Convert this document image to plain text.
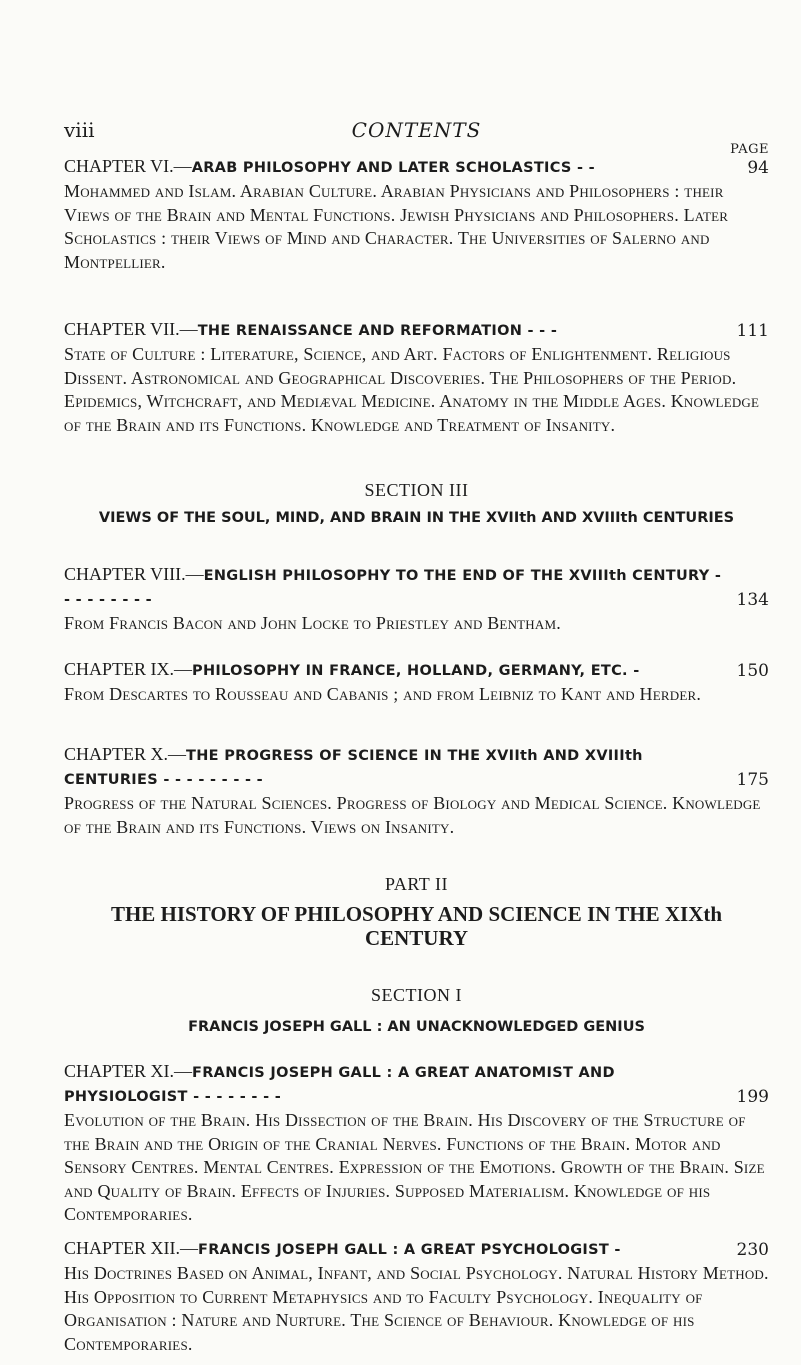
viii	CONTENTS
PAGE
CHAPTER VI.—ARAB PHILOSOPHY AND LATER SCHOLASTICS - -	94
Mohammed and Islam. Arabian Culture. Arabian Physicians and Philosophers : their Views of the Brain and Mental Functions. Jewish Physicians and Philosophers. Later Scholastics : their Views of Mind and Character. The Universities of Salerno and Montpellier.
CHAPTER VII.—THE RENAISSANCE AND REFORMATION - - -	111
State of Culture : Literature, Science, and Art. Factors of Enlightenment. Religious Dissent. Astronomical and Geographical Discoveries. The Philosophers of the Period. Epidemics, Witchcraft, and Mediæval Medicine. Anatomy in the Middle Ages. Knowledge of the Brain and its Functions. Knowledge and Treatment of Insanity.
SECTION III
VIEWS OF THE SOUL, MIND, AND BRAIN IN THE XVIIth AND XVIIIth CENTURIES
CHAPTER VIII.—ENGLISH PHILOSOPHY TO THE END OF THE XVIIIth CENTURY - - - - - - - - -	134
From Francis Bacon and John Locke to Priestley and Bentham.
CHAPTER IX.—PHILOSOPHY IN FRANCE, HOLLAND, GERMANY, ETC. -	150
From Descartes to Rousseau and Cabanis ; and from Leibniz to Kant and Herder.
CHAPTER X.—THE PROGRESS OF SCIENCE IN THE XVIIth AND XVIIIth CENTURIES - - - - - - - - -	175
Progress of the Natural Sciences. Progress of Biology and Medical Science. Knowledge of the Brain and its Functions. Views on Insanity.
PART II
THE HISTORY OF PHILOSOPHY AND SCIENCE IN THE XIXth CENTURY
SECTION I
FRANCIS JOSEPH GALL : AN UNACKNOWLEDGED GENIUS
CHAPTER XI.—FRANCIS JOSEPH GALL : A GREAT ANATOMIST AND PHYSIOLOGIST - - - - - - - -	199
Evolution of the Brain. His Dissection of the Brain. His Discovery of the Structure of the Brain and the Origin of the Cranial Nerves. Functions of the Brain. Motor and Sensory Centres. Mental Centres. Expression of the Emotions. Growth of the Brain. Size and Quality of Brain. Effects of Injuries. Supposed Materialism. Knowledge of his Contemporaries.
CHAPTER XII.—FRANCIS JOSEPH GALL : A GREAT PSYCHOLOGIST -	230
His Doctrines Based on Animal, Infant, and Social Psychology. Natural History Method. His Opposition to Current Metaphysics and to Faculty Psychology. Inequality of Organisation : Nature and Nurture. The Science of Behaviour. Knowledge of his Contemporaries.
